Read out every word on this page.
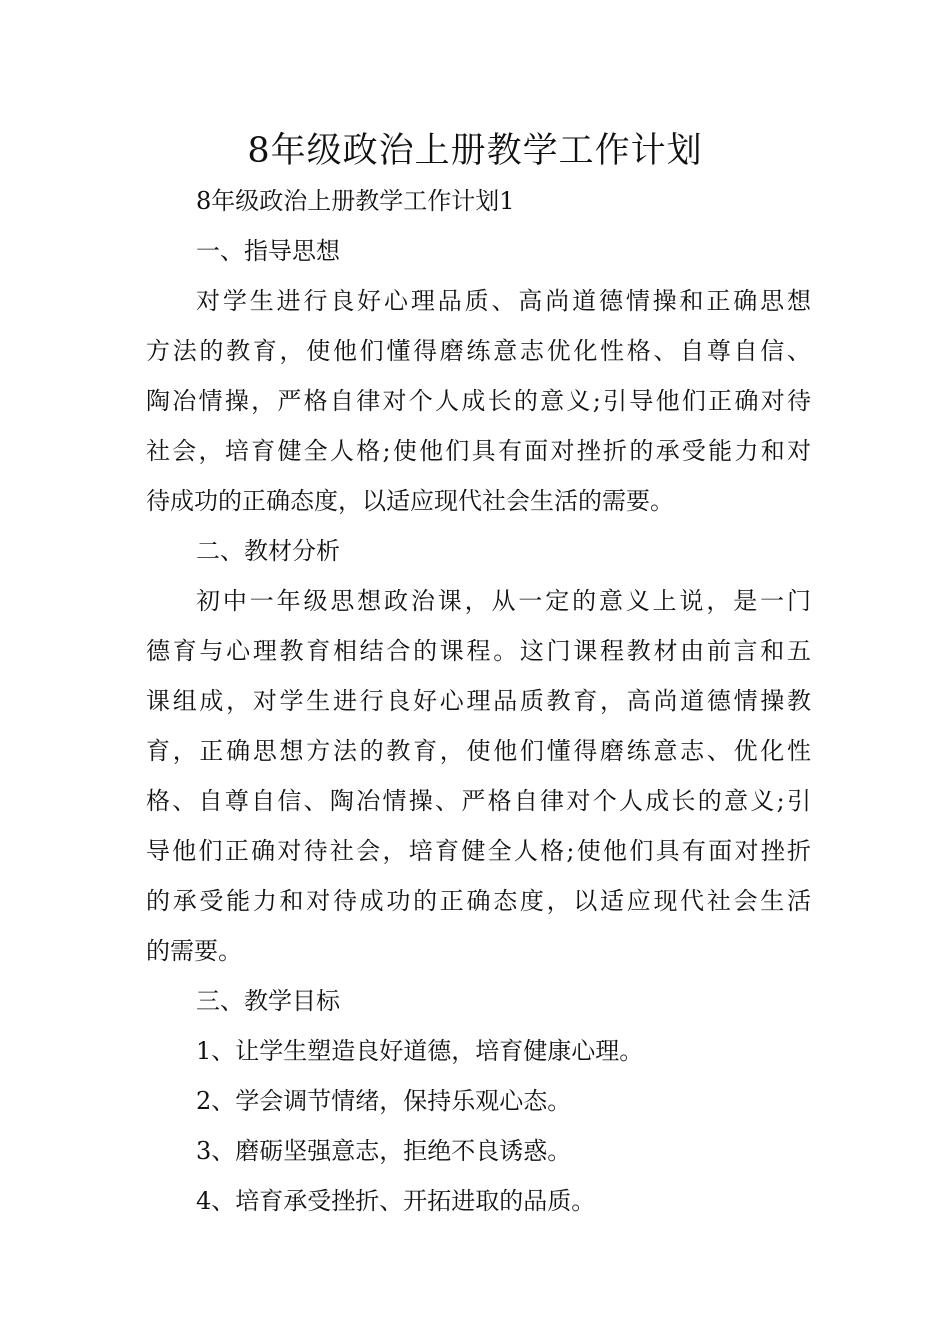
8年级政治上册教学工作计划

8年级政治上册教学工作计划1

一、指导思想

对学生进行良好心理品质、高尚道德情操和正确思想

方法的教育，使他们懂得磨练意志优化性格、自尊自信、

陶冶情操，严格自律对个人成长的意义;引导他们正确对待

社会，培育健全人格;使他们具有面对挫折的承受能力和对

待成功的正确态度，以适应现代社会生活的需要。

二、教材分析

初中一年级思想政治课，从一定的意义上说，是一门

德育与心理教育相结合的课程。这门课程教材由前言和五

课组成，对学生进行良好心理品质教育，高尚道德情操教

育，正确思想方法的教育，使他们懂得磨练意志、优化性

格、自尊自信、陶冶情操、严格自律对个人成长的意义;引

导他们正确对待社会，培育健全人格;使他们具有面对挫折

的承受能力和对待成功的正确态度，以适应现代社会生活

的需要。

三、教学目标

1、让学生塑造良好道德，培育健康心理。

2、学会调节情绪，保持乐观心态。

3、磨砺坚强意志，拒绝不良诱惑。

4、培育承受挫折、开拓进取的品质。
